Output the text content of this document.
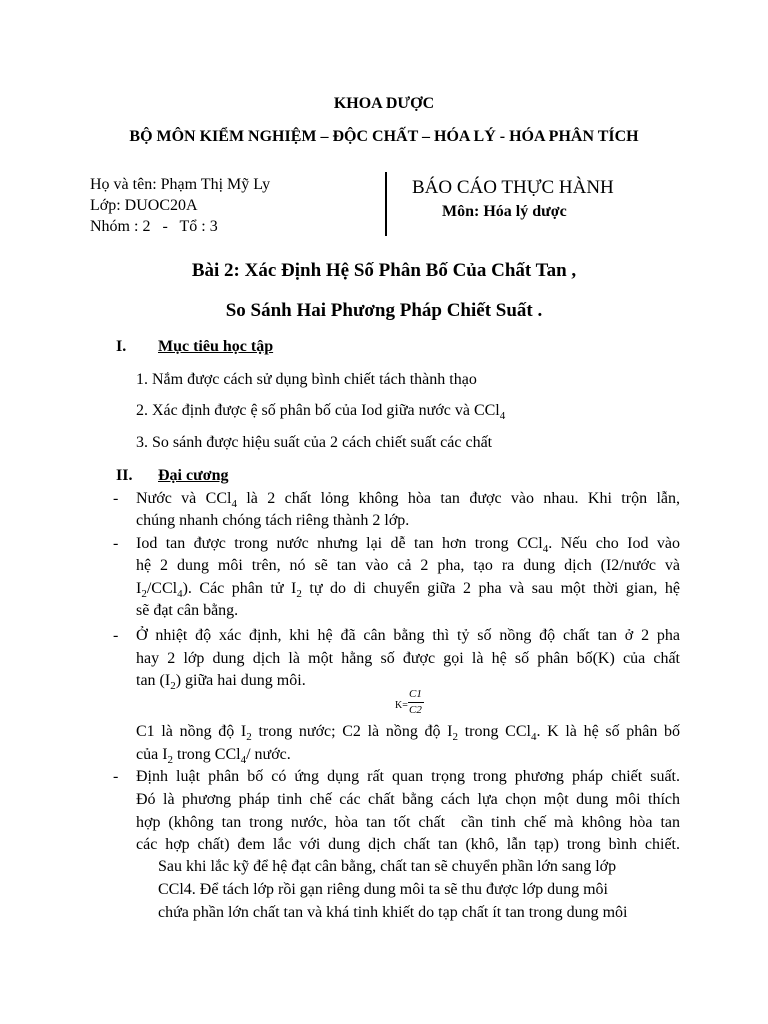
KHOA DƯỢC
BỘ MÔN KIỂM NGHIỆM – ĐỘC CHẤT – HÓA LÝ - HÓA PHÂN TÍCH
Họ và tên: Phạm Thị Mỹ Ly
Lớp: DUOC20A
Nhóm : 2   -   Tổ : 3
BÁO CÁO THỰC HÀNH
Môn: Hóa lý dược
Bài 2: Xác Định Hệ Số Phân Bố Của Chất Tan ,
So Sánh Hai Phương Pháp Chiết Suất .
I. Mục tiêu học tập
1. Nắm được cách sử dụng bình chiết tách thành thạo
2. Xác định được ệ số phân bố của Iod giữa nước và CCl$_4$
3. So sánh được hiệu suất của 2 cách chiết suất các chất
II. Đại cương
- Nước và CCl$_4$ là 2 chất lỏng không hòa tan được vào nhau. Khi trộn lẫn,
chúng nhanh chóng tách riêng thành 2 lớp.
- Iod tan được trong nước nhưng lại dễ tan hơn trong CCl$_4$. Nếu cho Iod vào
hệ 2 dung môi trên, nó sẽ tan vào cả 2 pha, tạo ra dung dịch (I2/nước và
$I_2/CCl_4$). Các phân tử $I_2$ tự do di chuyển giữa 2 pha và sau một thời gian, hệ
sẽ đạt cân bằng.
- Ở nhiệt độ xác định, khi hệ đã cân bằng thì tỷ số nồng độ chất tan ở 2 pha
hay 2 lớp dung dịch là một hằng số được gọi là hệ số phân bố(K) của chất
$\tan (I_2)$ giữa hai dung môi.
K=
C1
C2
C1 là nồng độ $I_2$ trong nước; C2 là nồng độ $I_2$ trong CCl$_4$. K là hệ số phân bố
của $I_2$ trong CCl$_4$/ nước.
- Định luật phân bố có ứng dụng rất quan trọng trong phương pháp chiết suất.
Đó là phương pháp tinh chế các chất bằng cách lựa chọn một dung môi thích
hợp (không tan trong nước, hòa tan tốt chất  cần tinh chế mà không hòa tan
các hợp chất) đem lắc với dung dịch chất tan (khô, lẫn tạp) trong bình chiết.
Sau khi lắc kỹ để hệ đạt cân bằng, chất tan sẽ chuyển phần lớn sang lớp
CCl4. Để tách lớp rồi gạn riêng dung môi ta sẽ thu được lớp dung môi
chứa phần lớn chất tan và khá tinh khiết do tạp chất ít tan trong dung môi
